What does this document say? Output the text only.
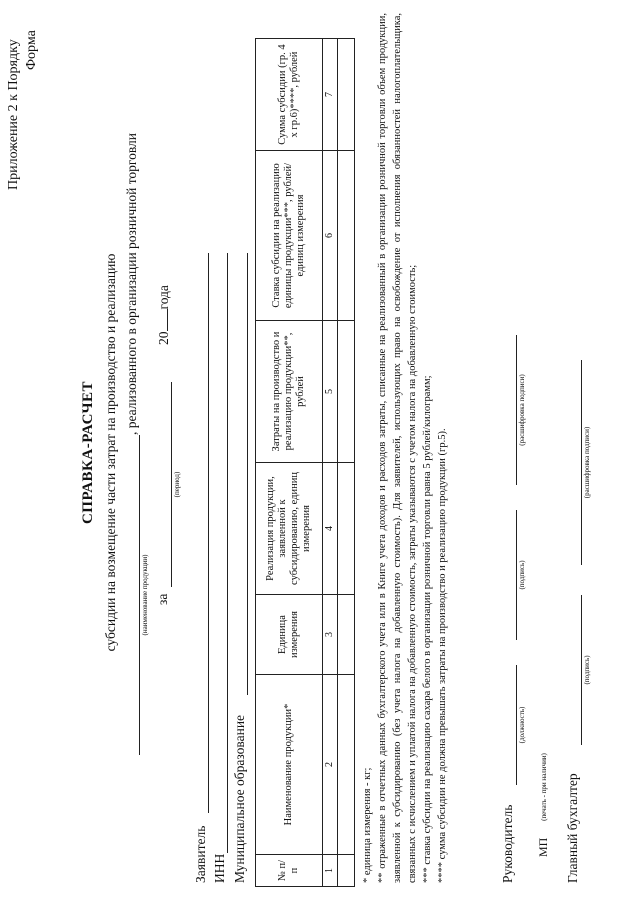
Приложение 2 к Порядку Форма
СПРАВКА-РАСЧЕТ субсидии на возмещение части затрат на производство и реализацию , реализованного в организации розничной торговли
(наименование продукции) за
(период)
20года
Заявитель ИНН Муниципальное образование	№ п/п	Наименование продукции*	Единица измерения	Реализация продукции, заявленной к субсидированию, единиц измерения	Затраты на производство и реализацию продукции**, рублей	Ставка субсидии на реализацию единицы продукции***, рублей/ единиц измерения	Сумма субсидии (гр. 4 х гр.6)****, рублей
1	2	3	4	5	6	7

* единица измерения - кг; ** отраженные в отчетных данных бухгалтерского учета или в Книге учета доходов и расходов затраты, списанные на реализованный в организации розничной торговли объем продукции, заявленной к субсидированию (без учета налога на добавленную стоимость). Для заявителей, использующих право на освобождение от исполнения обязанностей налогоплательщика, связанных с исчислением и уплатой налога на добавленную стоимость, затраты указываются с учетом налога на добавленную стоимость; *** ставка субсидии на реализацию сахара белого в организации розничной торговли равна 5 рублей/килограмм; **** сумма субсидии не должна превышать затраты на производство и реализацию продукции (гр.5).	Руководитель
(должность)
(подпись)
(расшифровка подписи)
МП
(печать - при наличии) Главный бухгалтер
(подпись)
(расшифровка подписи)
